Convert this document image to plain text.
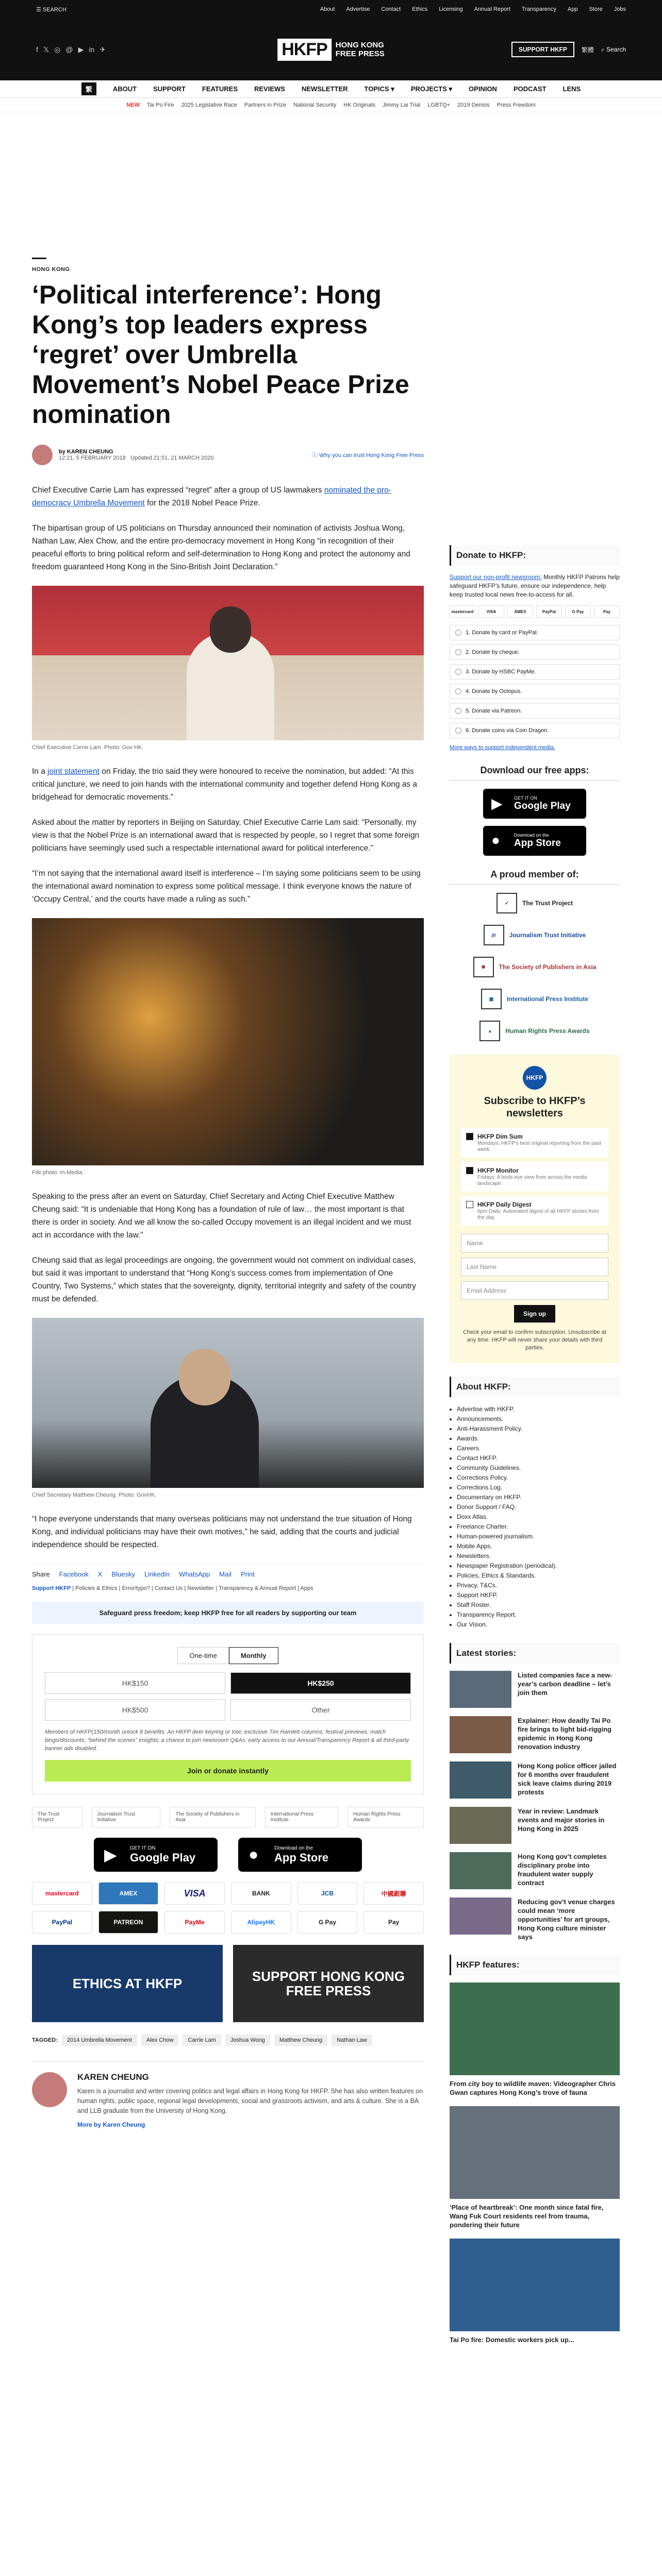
☰ SEARCH	About Advertise Contact Ethics Licensing Annual Report Transparency App Store Jobs
f 𝕏 ◎ @ ▶ in ✈	HKFP	HONG KONG
FREE PRESS	SUPPORT HKFP	繁體 ⌕ Search
繁	ABOUT SUPPORT FEATURES REVIEWS NEWSLETTER TOPICS ▾ PROJECTS ▾ OPINION PODCAST LENS
NEW Tai Po Fire 2025 Legislative Race Partners in Prize National Security HK Originals Jimmy Lai Trial LGBTQ+ 2019 Demos Press Freedom
HONG KONG
‘Political interference’: Hong Kong’s top leaders express ‘regret’ over Umbrella Movement’s Nobel Peace Prize nomination
by KAREN CHEUNG
12:21, 5 FEBRUARY 2018 Updated 21:51, 21 MARCH 2020	ⓘ Why you can trust Hong Kong Free Press

Chief Executive Carrie Lam has expressed “regret” after a group of US lawmakers nominated the pro-democracy Umbrella Movement for the 2018 Nobel Peace Prize.

The bipartisan group of US politicians on Thursday announced their nomination of activists Joshua Wong, Nathan Law, Alex Chow, and the entire pro-democracy movement in Hong Kong “in recognition of their peaceful efforts to bring political reform and self-determination to Hong Kong and protect the autonomy and freedom guaranteed Hong Kong in the Sino-British Joint Declaration.”

Chief Executive Carrie Lam. Photo: Gov HK.

In a joint statement on Friday, the trio said they were honoured to receive the nomination, but added: “At this critical juncture, we need to join hands with the international community and together defend Hong Kong as a bridgehead for democratic movements.”

Asked about the matter by reporters in Beijing on Saturday, Chief Executive Carrie Lam said: “Personally, my view is that the Nobel Prize is an international award that is respected by people, so I regret that some foreign politicians have seemingly used such a respectable international award for political interference.”

“I’m not saying that the international award itself is interference – I’m saying some politicians seem to be using the international award nomination to express some political message. I think everyone knows the nature of ‘Occupy Central,’ and the courts have made a ruling as such.”

File photo: In-Media.

Speaking to the press after an event on Saturday, Chief Secretary and Acting Chief Executive Matthew Cheung said: “It is undeniable that Hong Kong has a foundation of rule of law… the most important is that there is order in society. And we all know the so-called Occupy movement is an illegal incident and we must act in accordance with the law.”

Cheung said that as legal proceedings are ongoing, the government would not comment on individual cases, but said it was important to understand that “Hong Kong’s success comes from implementation of One Country, Two Systems,” which states that the sovereignty, dignity, territorial integrity and safety of the country must be defended.

Chief Secretary Matthew Cheung. Photo: GovHK.

“I hope everyone understands that many overseas politicians may not understand the true situation of Hong Kong, and individual politicians may have their own motives,” he said, adding that the courts and judicial independence should be respected.

Share Facebook X Bluesky LinkedIn WhatsApp Mail Print
Support HKFP | Policies & Ethics | Error/typo? | Contact Us | Newsletter | Transparency & Annual Report | Apps
Safeguard press freedom; keep HKFP free for all readers by supporting our team
One-time	Monthly
HK$150	HK$250
HK$500	Other
Members of HKFP(150/month unlock 8 benefits: An HKFP deer keyring or tote; exclusive Tim Hamlett columns; festival previews; match bingo/discounts; “behind the scenes” insights; a chance to join newsroom Q&As; early access to our Annual/Transparency Report & all third-party banner ads disabled.
Join or donate instantly
The Trust Project
Journalism Trust Initiative
The Society of Publishers in Asia
International Press Institute
Human Rights Press Awards
▶	GET IT ON
Google Play	●	Download on the
App Store
mastercard	AMEX	VISA	BANK	JCB	中國銀聯
PayPal	PATREON	PayMe	AlipayHK	G Pay	Pay
ETHICS AT HKFP	SUPPORT HONG KONG FREE PRESS
TAGGED:	2014 Umbrella Movement	Alex Chow	Carrie Lam	Joshua Wong	Matthew Cheung	Nathan Law
KAREN CHEUNG

Karen is a journalist and writer covering politics and legal affairs in Hong Kong for HKFP. She has also written features on human rights, public space, regional legal developments, social and grassroots activism, and arts & culture. She is a BA and LLB graduate from the University of Hong Kong.

More by Karen Cheung
Donate to HKFP:

Support our non-profit newsroom: Monthly HKFP Patrons help safeguard HKFP’s future, ensure our independence, help keep trusted local news free-to-access for all.

mastercard	VISA	AMEX	PayPal	G Pay	Pay
1. Donate by card or PayPal.
2. Donate by cheque.
3. Donate by HSBC PayMe.
4. Donate by Octopus.
5. Donate via Patreon.
6. Donate coins via Coin Dragon.
More ways to support independent media.
Download our free apps:
▶ GET IT ON
Google Play
●	Download on the
App Store
A proud member of:
✓	The Trust Project
jti	Journalism Trust Initiative
✺	The Society of Publishers in Asia
▦	International Press Institute
▲	Human Rights Press Awards
HKFP
Subscribe to HKFP’s newsletters
HKFP Dim Sum
Mondays: HKFP’s best original reporting from the past week.
HKFP Monitor
Fridays: A birds-eye view from across the media landscape.
HKFP Daily Digest
6pm Daily: Automated digest of all HKFP stories from the day.
Name
Last Name
Email Address
Sign up
Check your email to confirm subscription. Unsubscribe at any time. HKFP will never share your details with third parties.
About HKFP:
• Advertise with HKFP.
• Announcements.
• Anti-Harassment Policy.
• Awards.
• Careers.
• Contact HKFP.
• Community Guidelines.
• Corrections Policy.
• Corrections Log.
• Documentary on HKFP.
• Donor Support / FAQ.
• Doxx Atlas.
• Freelance Charter.
• Human-powered journalism.
• Mobile Apps.
• Newsletters.
• Newspaper Registration (periodical).
• Policies, Ethics & Standards.
• Privacy, T&Cs.
• Support HKFP.
• Staff Roster.
• Transparency Report.
• Our Vision.
Latest stories:
Listed companies face a new-year’s carbon deadline – let’s join them
Explainer: How deadly Tai Po fire brings to light bid-rigging epidemic in Hong Kong renovation industry
Hong Kong police officer jailed for 6 months over fraudulent sick leave claims during 2019 protests
Year in review: Landmark events and major stories in Hong Kong in 2025
Hong Kong gov’t completes disciplinary probe into fraudulent water supply contract
Reducing gov’t venue charges could mean ‘more opportunities’ for art groups, Hong Kong culture minister says
HKFP features:
From city boy to wildlife maven: Videographer Chris Gwan captures Hong Kong’s trove of fauna
‘Place of heartbreak’: One month since fatal fire, Wang Fuk Court residents reel from trauma, pondering their future
Tai Po fire: Domestic workers pick up...
